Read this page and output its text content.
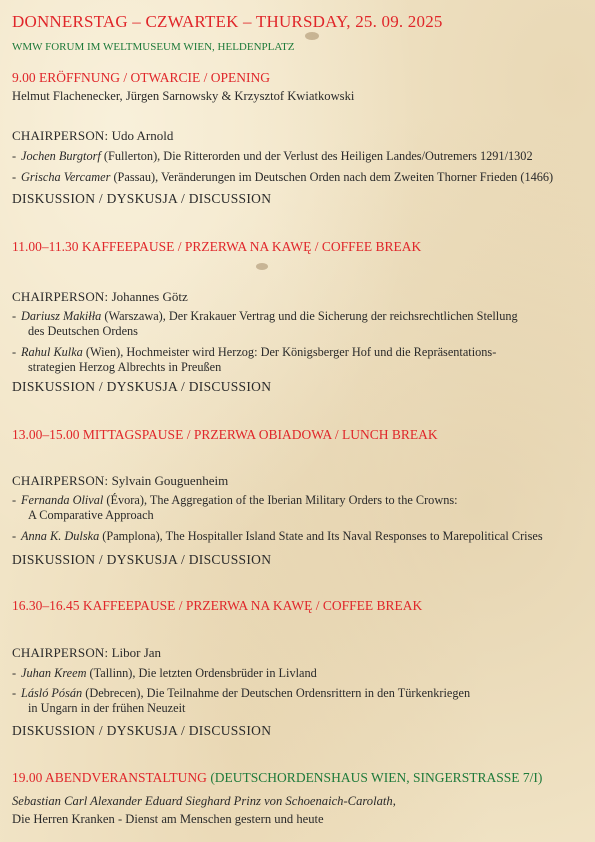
DONNERSTAG – CZWARTEK – THURSDAY, 25. 09. 2025
WMW FORUM IM WELTMUSEUM WIEN, HELDENPLATZ
9.00 ERÖFFNUNG / OTWARCIE / OPENING
Helmut Flachenecker, Jürgen Sarnowsky & Krzysztof Kwiatkowski
CHAIRPERSON: Udo Arnold
- Jochen Burgtorf (Fullerton), Die Ritterorden und der Verlust des Heiligen Landes/Outremers 1291/1302
- Grischa Vercamer (Passau), Veränderungen im Deutschen Orden nach dem Zweiten Thorner Frieden (1466)
DISKUSSION / DYSKUSJA / DISCUSSION
11.00–11.30 KAFFEEPAUSE / PRZERWA NA KAWĘ / COFFEE BREAK
CHAIRPERSON: Johannes Götz
- Dariusz Makiłła (Warszawa), Der Krakauer Vertrag und die Sicherung der reichsrechtlichen Stellung
des Deutschen Ordens
- Rahul Kulka (Wien), Hochmeister wird Herzog: Der Königsberger Hof und die Repräsentations-
strategien Herzog Albrechts in Preußen
DISKUSSION / DYSKUSJA / DISCUSSION
13.00–15.00 MITTAGSPAUSE / PRZERWA OBIADOWA / LUNCH BREAK
CHAIRPERSON: Sylvain Gouguenheim
- Fernanda Olival (Évora), The Aggregation of the Iberian Military Orders to the Crowns:
A Comparative Approach
- Anna K. Dulska (Pamplona), The Hospitaller Island State and Its Naval Responses to Marepolitical Crises
DISKUSSION / DYSKUSJA / DISCUSSION
16.30–16.45 KAFFEEPAUSE / PRZERWA NA KAWĘ / COFFEE BREAK
CHAIRPERSON: Libor Jan
- Juhan Kreem (Tallinn), Die letzten Ordensbrüder in Livland
- Lásló Pósán (Debrecen), Die Teilnahme der Deutschen Ordensrittern in den Türkenkriegen
in Ungarn in der frühen Neuzeit
DISKUSSION / DYSKUSJA / DISCUSSION
19.00 ABENDVERANSTALTUNG (DEUTSCHORDENSHAUS WIEN, SINGERSTRASSE 7/I)
Sebastian Carl Alexander Eduard Sieghard Prinz von Schoenaich-Carolath,
Die Herren Kranken - Dienst am Menschen gestern und heute
